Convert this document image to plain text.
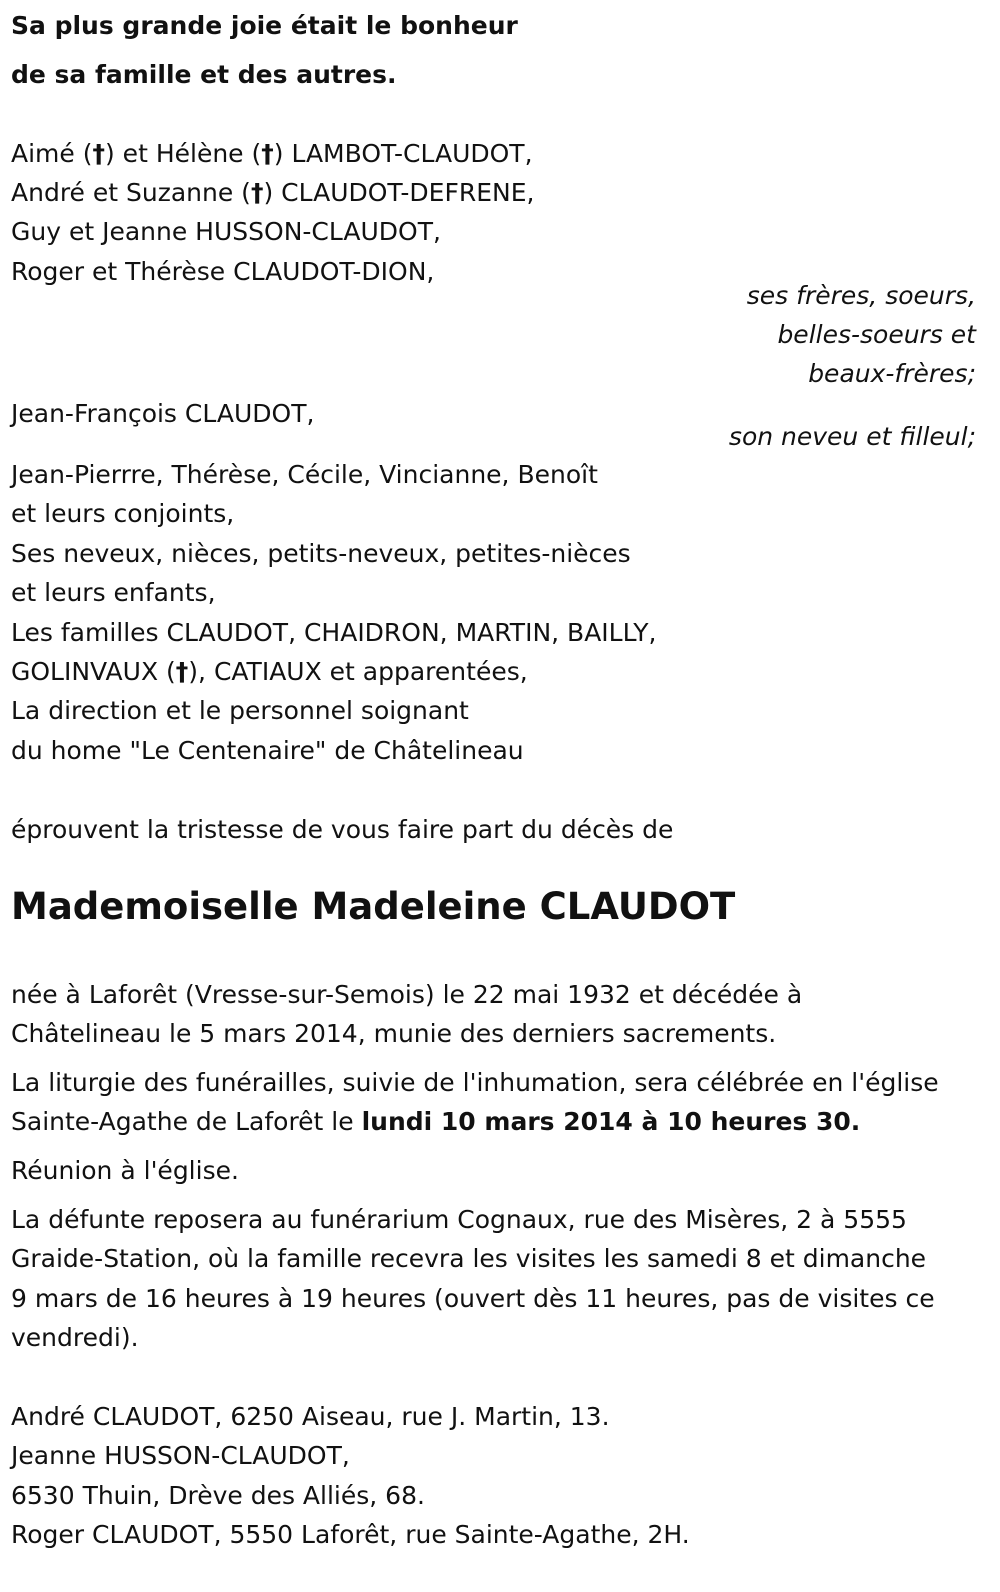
Sa plus grande joie était le bonheur
de sa famille et des autres.
Aimé (†) et Hélène (†) LAMBOT-CLAUDOT,
André et Suzanne (†) CLAUDOT-DEFRENE,
Guy et Jeanne HUSSON-CLAUDOT,
Roger et Thérèse CLAUDOT-DION,
ses frères, soeurs,
belles-soeurs et
beaux-frères;
Jean-François CLAUDOT,
son neveu et filleul;
Jean-Pierrre, Thérèse, Cécile, Vincianne, Benoît
et leurs conjoints,
Ses neveux, nièces, petits-neveux, petites-nièces
et leurs enfants,
Les familles CLAUDOT, CHAIDRON, MARTIN, BAILLY,
GOLINVAUX (†), CATIAUX et apparentées,
La direction et le personnel soignant
du home "Le Centenaire" de Châtelineau
éprouvent la tristesse de vous faire part du décès de
Mademoiselle Madeleine CLAUDOT
née à Laforêt (Vresse-sur-Semois) le 22 mai 1932 et décédée à
Châtelineau le 5 mars 2014, munie des derniers sacrements.
La liturgie des funérailles, suivie de l'inhumation, sera célébrée en l'église
Sainte-Agathe de Laforêt le lundi 10 mars 2014 à 10 heures 30.
Réunion à l'église.
La défunte reposera au funérarium Cognaux, rue des Misères, 2 à 5555
Graide-Station, où la famille recevra les visites les samedi 8 et dimanche
9 mars de 16 heures à 19 heures (ouvert dès 11 heures, pas de visites ce
vendredi).
André CLAUDOT, 6250 Aiseau, rue J. Martin, 13.
Jeanne HUSSON-CLAUDOT,
6530 Thuin, Drève des Alliés, 68.
Roger CLAUDOT, 5550 Laforêt, rue Sainte-Agathe, 2H.
